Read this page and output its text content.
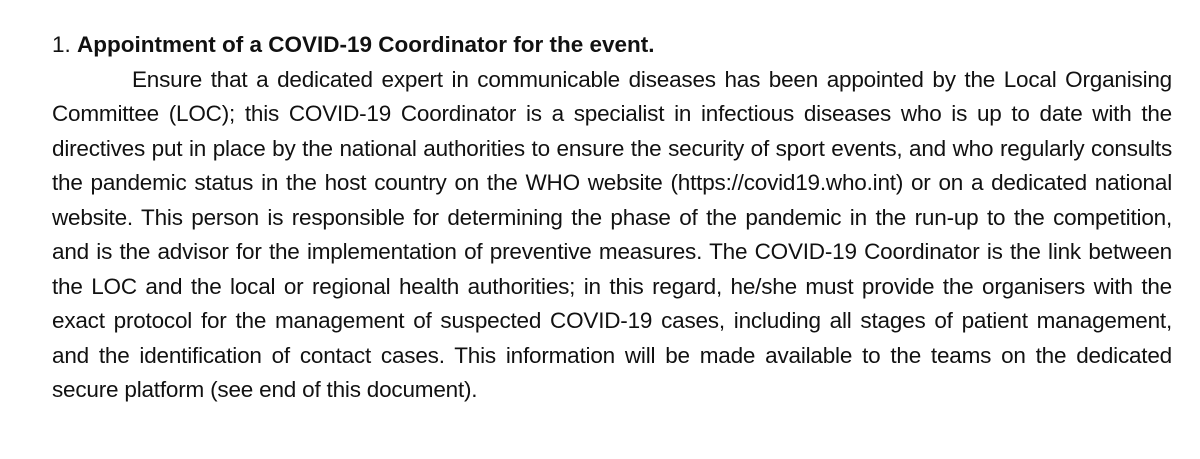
1. Appointment of a COVID-19 Coordinator for the event.

Ensure that a dedicated expert in communicable diseases has been appointed by the Local Organising Committee (LOC); this COVID-19 Coordinator is a specialist in infectious diseases who is up to date with the directives put in place by the national authorities to ensure the security of sport events, and who regularly consults the pandemic status in the host country on the WHO website (https://covid19.who.int) or on a dedicated national website. This person is responsible for determining the phase of the pandemic in the run-up to the competition, and is the advisor for the implementation of preventive measures. The COVID-19 Coordinator is the link between the LOC and the local or regional health authorities; in this regard, he/she must provide the organisers with the exact protocol for the management of suspected COVID-19 cases, including all stages of patient management, and the identification of contact cases. This information will be made available to the teams on the dedicated secure platform (see end of this document).
